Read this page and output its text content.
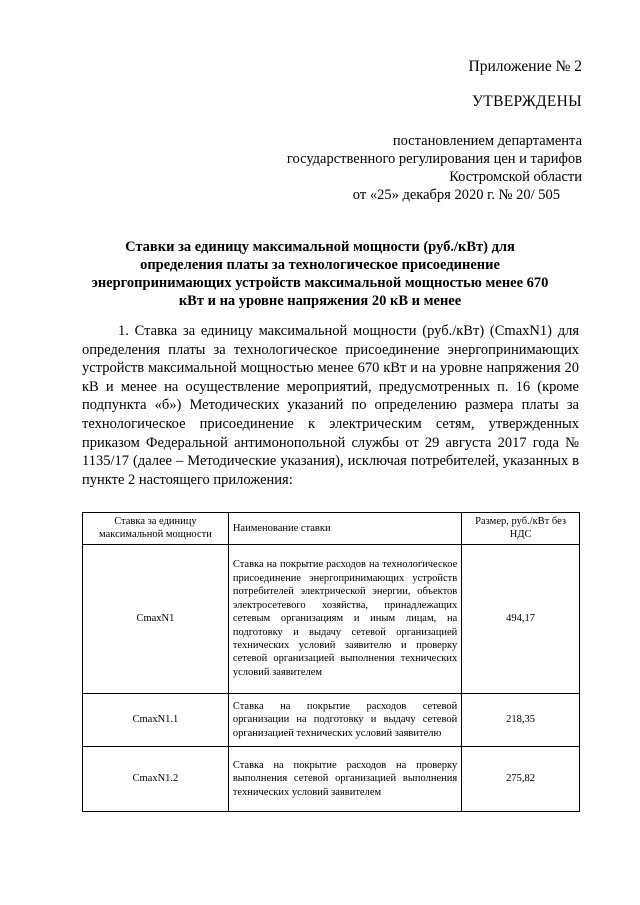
Приложение № 2
УТВЕРЖДЕНЫ
постановлением департамента
государственного регулирования цен и тарифов
Костромской области
от «25» декабря 2020 г. № 20/ 505
Ставки за единицу максимальной мощности (руб./кВт) для определения платы за технологическое присоединение энергопринимающих устройств максимальной мощностью менее 670 кВт и на уровне напряжения 20 кВ и менее

1. Ставка за единицу максимальной мощности (руб./кВт) (СmaxN1) для определения платы за технологическое присоединение энергопринимающих устройств максимальной мощностью менее 670 кВт и на уровне напряжения 20 кВ и менее на осуществление мероприятий, предусмотренных п. 16 (кроме подпункта «б») Методических указаний по определению размера платы за технологическое присоединение к электрическим сетям, утвержденных приказом Федеральной антимонопольной службы от 29 августа 2017 года № 1135/17 (далее – Методические указания), исключая потребителей, указанных в пункте 2 настоящего приложения:

Ставка за единицу максимальной мощности	Наименование ставки	Размер, руб./кВт без НДС
СmaxN1	Ставка на покрытие расходов на технологическое присоединение энергопринимающих устройств потребителей электрической энергии, объектов электросетевого хозяйства, принадлежащих сетевым организациям и иным лицам, на подготовку и выдачу сетевой организацией технических условий заявителю и проверку сетевой организацией выполнения технических условий заявителем	494,17
СmaxN1.1	Ставка на покрытие расходов сетевой организации на подготовку и выдачу сетевой организацией технических условий заявителю	218,35
СmaxN1.2	Ставка на покрытие расходов на проверку выполнения сетевой организацией выполнения технических условий заявителем	275,82
